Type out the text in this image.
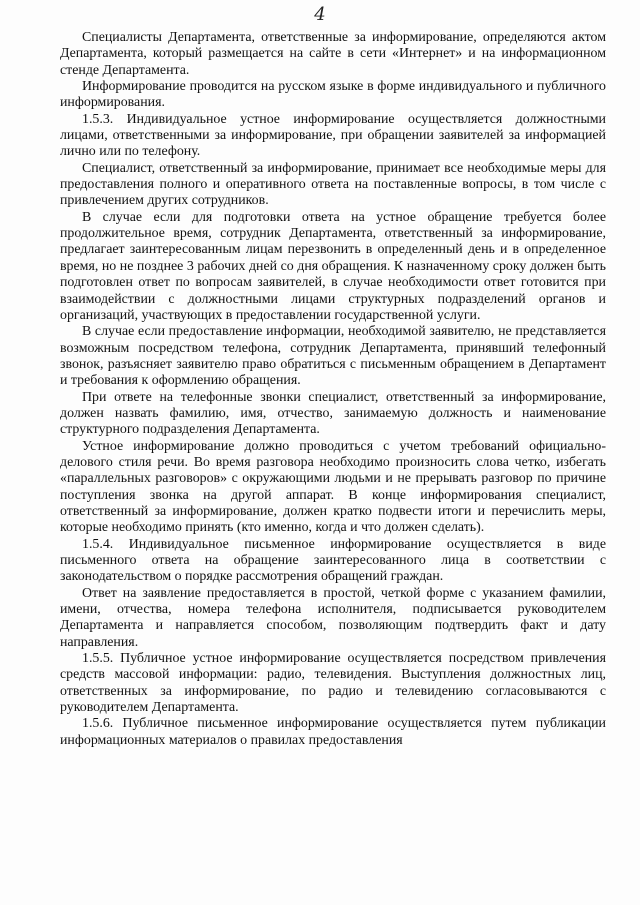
4

Специалисты Департамента, ответственные за информирование, определяются актом Департамента, который размещается на сайте в сети «Интернет» и на информационном стенде Департамента.

Информирование проводится на русском языке в форме индивидуального и публичного информирования.

1.5.3. Индивидуальное устное информирование осуществляется должностными лицами, ответственными за информирование, при обращении заявителей за информацией лично или по телефону.

Специалист, ответственный за информирование, принимает все необходимые меры для предоставления полного и оперативного ответа на поставленные вопросы, в том числе с привлечением других сотрудников.

В случае если для подготовки ответа на устное обращение требуется более продолжительное время, сотрудник Департамента, ответственный за информирование, предлагает заинтересованным лицам перезвонить в определенный день и в определенное время, но не позднее 3 рабочих дней со дня обращения. К назначенному сроку должен быть подготовлен ответ по вопросам заявителей, в случае необходимости ответ готовится при взаимодействии с должностными лицами структурных подразделений органов и организаций, участвующих в предоставлении государственной услуги.

В случае если предоставление информации, необходимой заявителю, не представляется возможным посредством телефона, сотрудник Департамента, принявший телефонный звонок, разъясняет заявителю право обратиться с письменным обращением в Департамент и требования к оформлению обращения.

При ответе на телефонные звонки специалист, ответственный за информирование, должен назвать фамилию, имя, отчество, занимаемую должность и наименование структурного подразделения Департамента.

Устное информирование должно проводиться с учетом требований официально-делового стиля речи. Во время разговора необходимо произносить слова четко, избегать «параллельных разговоров» с окружающими людьми и не прерывать разговор по причине поступления звонка на другой аппарат. В конце информирования специалист, ответственный за информирование, должен кратко подвести итоги и перечислить меры, которые необходимо принять (кто именно, когда и что должен сделать).

1.5.4. Индивидуальное письменное информирование осуществляется в виде письменного ответа на обращение заинтересованного лица в соответствии с законодательством о порядке рассмотрения обращений граждан.

Ответ на заявление предоставляется в простой, четкой форме с указанием фамилии, имени, отчества, номера телефона исполнителя, подписывается руководителем Департамента и направляется способом, позволяющим подтвердить факт и дату направления.

1.5.5. Публичное устное информирование осуществляется посредством привлечения средств массовой информации: радио, телевидения. Выступления должностных лиц, ответственных за информирование, по радио и телевидению согласовываются с руководителем Департамента.

1.5.6. Публичное письменное информирование осуществляется путем публикации информационных материалов о правилах предоставления
